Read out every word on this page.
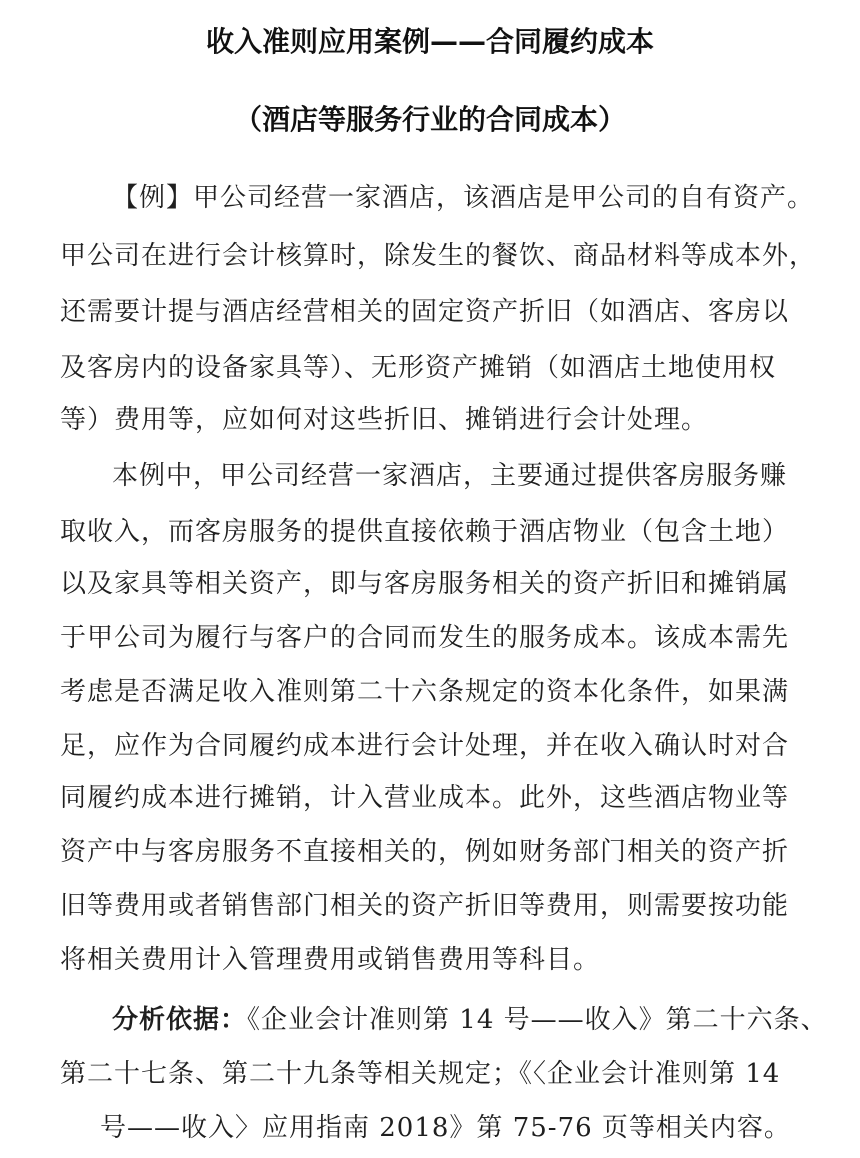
收入准则应用案例——合同履约成本
（酒店等服务行业的合同成本）
【例】甲公司经营一家酒店，该酒店是甲公司的自有资产。
甲公司在进行会计核算时，除发生的餐饮、商品材料等成本外，
还需要计提与酒店经营相关的固定资产折旧（如酒店、客房以
及客房内的设备家具等）、无形资产摊销（如酒店土地使用权
等）费用等，应如何对这些折旧、摊销进行会计处理。
本例中，甲公司经营一家酒店，主要通过提供客房服务赚
取收入，而客房服务的提供直接依赖于酒店物业（包含土地）
以及家具等相关资产，即与客房服务相关的资产折旧和摊销属
于甲公司为履行与客户的合同而发生的服务成本。该成本需先
考虑是否满足收入准则第二十六条规定的资本化条件，如果满
足，应作为合同履约成本进行会计处理，并在收入确认时对合
同履约成本进行摊销，计入营业成本。此外，这些酒店物业等
资产中与客房服务不直接相关的，例如财务部门相关的资产折
旧等费用或者销售部门相关的资产折旧等费用，则需要按功能
将相关费用计入管理费用或销售费用等科目。
分析依据：《企业会计准则第 14 号——收入》第二十六条、
第二十七条、第二十九条等相关规定；《〈企业会计准则第 14
号——收入〉应用指南 2018》第 75-76 页等相关内容。
